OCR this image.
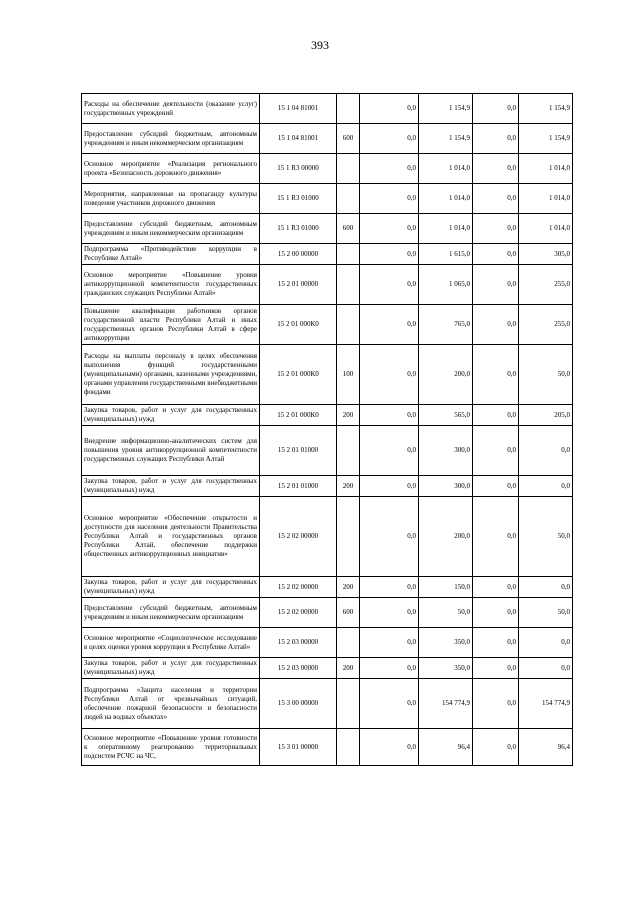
393
Расходы на обеспечение деятельности (оказание услуг) государственных учреждений	15 1 04 81001		0,0	1 154,9	0,0	1 154,9
Предоставление субсидий бюджетным, автономным учреждениям и иным некоммерческим организациям	15 1 04 81001	600	0,0	1 154,9	0,0	1 154,9
Основное мероприятие «Реализация регионального проекта «Безопасность дорожного движения»	15 1 R3 00000		0,0	1 014,0	0,0	1 014,0
Мероприятия, направленные на пропаганду культуры поведения участников дорожного движения	15 1 R3 01000		0,0	1 014,0	0,0	1 014,0
Предоставление субсидий бюджетным, автономным учреждениям и иным некоммерческим организациям	15 1 R3 01000	600	0,0	1 014,0	0,0	1 014,0
Подпрограмма «Противодействие коррупции в Республике Алтай»	15 2 00 00000		0,0	1 615,0	0,0	305,0
Основное мероприятие «Повышение уровня антикоррупционной компетентности государственных гражданских служащих Республики Алтай»	15 2 01 00000		0,0	1 065,0	0,0	255,0
Повышение квалификации работников органов государственной власти Республики Алтай и иных государственных органов Республики Алтай в сфере антикоррупции	15 2 01 000К0		0,0	765,0	0,0	255,0
Расходы на выплаты персоналу в целях обеспечения выполнения функций государственными (муниципальными) органами, казенными учреждениями, органами управления государственными внебюджетными фондами	15 2 01 000К0	100	0,0	200,0	0,0	50,0
Закупка товаров, работ и услуг для государственных (муниципальных) нужд	15 2 01 000К0	200	0,0	565,0	0,0	205,0
Внедрение информационно-аналитических систем для повышения уровня антикоррупционной компетентности государственных служащих Республики Алтай	15 2 01 01000		0,0	300,0	0,0	0,0
Закупка товаров, работ и услуг для государственных (муниципальных) нужд	15 2 01 01000	200	0,0	300,0	0,0	0,0
Основное мероприятие «Обеспечение открытости и доступности для населения деятельности Правительства Республики Алтай и государственных органов Республики Алтай, обеспечение поддержки общественных антикоррупционных инициатив»	15 2 02 00000		0,0	200,0	0,0	50,0
Закупка товаров, работ и услуг для государственных (муниципальных) нужд	15 2 02 00000	200	0,0	150,0	0,0	0,0
Предоставление субсидий бюджетным, автономным учреждениям и иным некоммерческим организациям	15 2 02 00000	600	0,0	50,0	0,0	50,0
Основное мероприятие «Социологическое исследование в целях оценки уровня коррупции в Республике Алтай»	15 2 03 00000		0,0	350,0	0,0	0,0
Закупка товаров, работ и услуг для государственных (муниципальных) нужд	15 2 03 00000	200	0,0	350,0	0,0	0,0
Подпрограмма «Защита населения и территории Республики Алтай от чрезвычайных ситуаций, обеспечение пожарной безопасности и безопасности людей на водных объектах»	15 3 00 00000		0,0	154 774,9	0,0	154 774,9
Основное мероприятие «Повышение уровня готовности к оперативному реагированию территориальных подсистем РСЧС на ЧС,	15 3 01 00000		0,0	96,4	0,0	96,4
